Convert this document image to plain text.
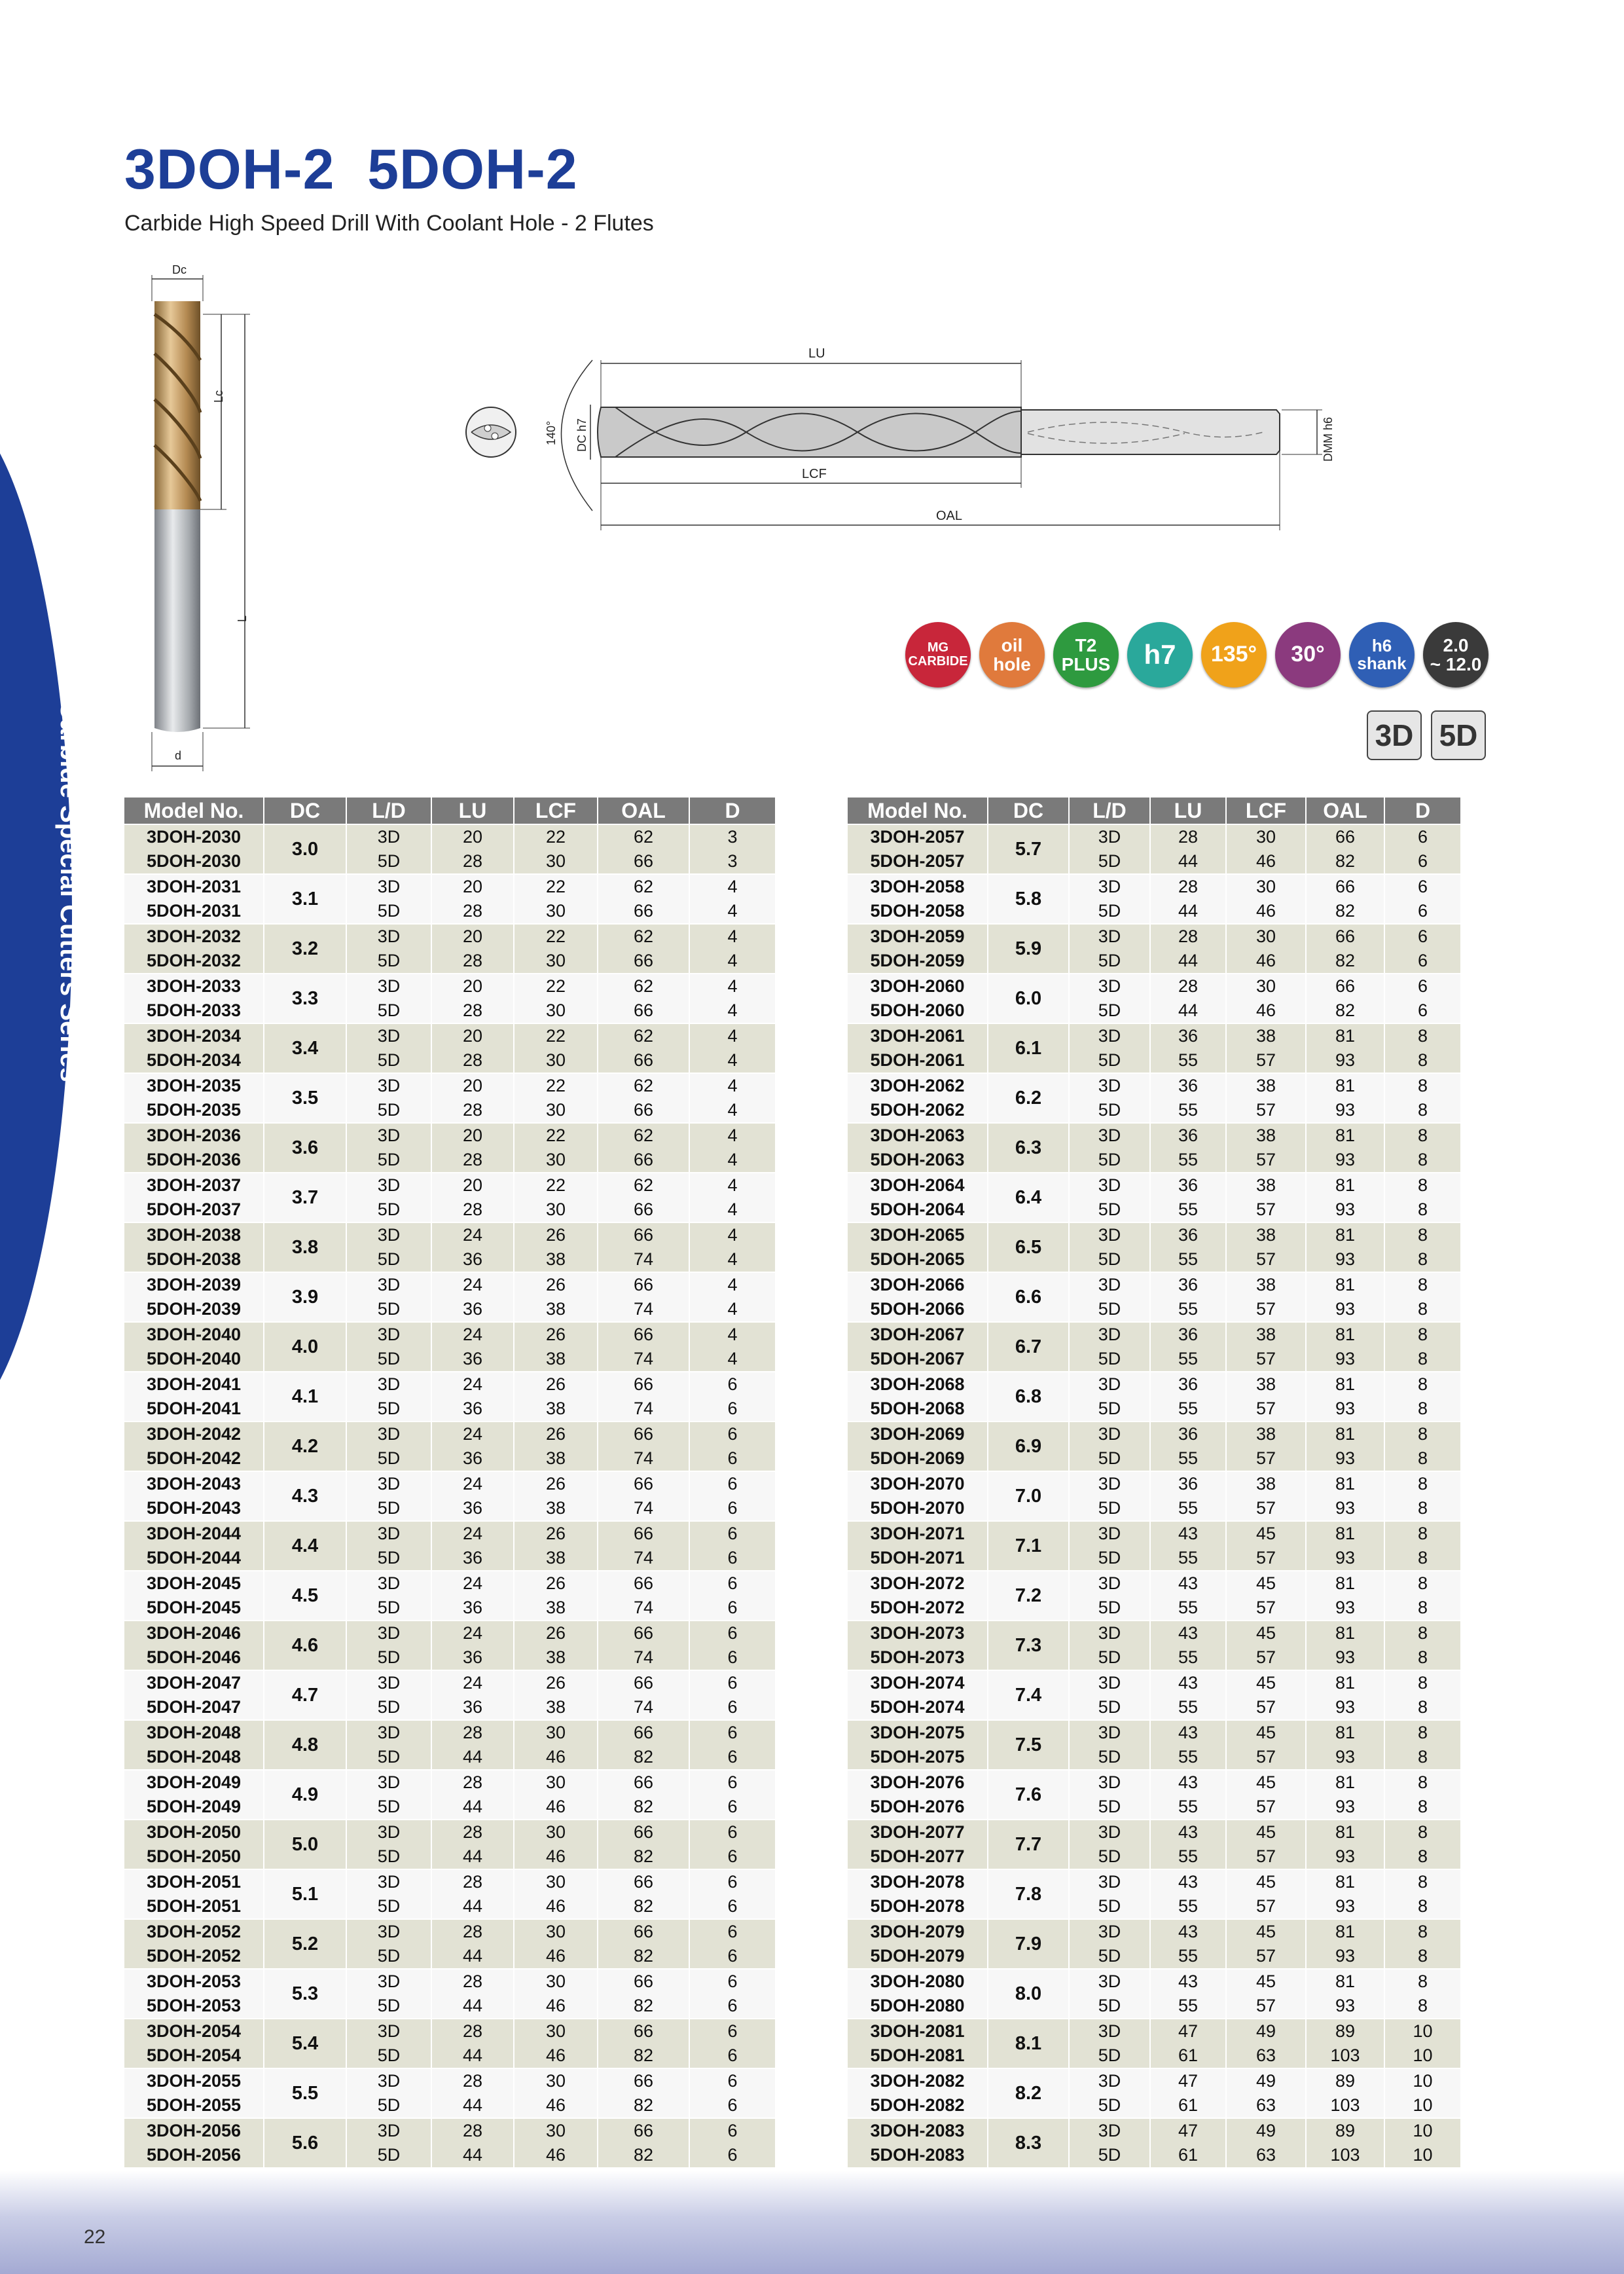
Carbide Special Cutters Series
3DOH-2  5DOH-2
Carbide High Speed Drill With Coolant Hole - 2 Flutes
Dc
d
Lc
L
140° DC h7
LU
LCF
OAL
DMM h6
MG
CARBIDE
oil
hole
T2
PLUS h7 135° 30°	h6
shank
2.0
~ 12.0
3D 5D
Model No.	DC	L/D	LU	LCF	OAL	D
3DOH-2030	3.0	3D	20	22	62	3
5DOH-2030		5D	28	30	66	3
3DOH-2031	3.1	3D	20	22	62	4
5DOH-2031		5D	28	30	66	4
3DOH-2032	3.2	3D	20	22	62	4
5DOH-2032		5D	28	30	66	4
3DOH-2033	3.3	3D	20	22	62	4
5DOH-2033		5D	28	30	66	4
3DOH-2034	3.4	3D	20	22	62	4
5DOH-2034		5D	28	30	66	4
3DOH-2035	3.5	3D	20	22	62	4
5DOH-2035		5D	28	30	66	4
3DOH-2036	3.6	3D	20	22	62	4
5DOH-2036		5D	28	30	66	4
3DOH-2037	3.7	3D	20	22	62	4
5DOH-2037		5D	28	30	66	4
3DOH-2038	3.8	3D	24	26	66	4
5DOH-2038		5D	36	38	74	4
3DOH-2039	3.9	3D	24	26	66	4
5DOH-2039		5D	36	38	74	4
3DOH-2040	4.0	3D	24	26	66	4
5DOH-2040		5D	36	38	74	4
3DOH-2041	4.1	3D	24	26	66	6
5DOH-2041		5D	36	38	74	6
3DOH-2042	4.2	3D	24	26	66	6
5DOH-2042		5D	36	38	74	6
3DOH-2043	4.3	3D	24	26	66	6
5DOH-2043		5D	36	38	74	6
3DOH-2044	4.4	3D	24	26	66	6
5DOH-2044		5D	36	38	74	6
3DOH-2045	4.5	3D	24	26	66	6
5DOH-2045		5D	36	38	74	6
3DOH-2046	4.6	3D	24	26	66	6
5DOH-2046		5D	36	38	74	6
3DOH-2047	4.7	3D	24	26	66	6
5DOH-2047		5D	36	38	74	6
3DOH-2048	4.8	3D	28	30	66	6
5DOH-2048		5D	44	46	82	6
3DOH-2049	4.9	3D	28	30	66	6
5DOH-2049		5D	44	46	82	6
3DOH-2050	5.0	3D	28	30	66	6
5DOH-2050		5D	44	46	82	6
3DOH-2051	5.1	3D	28	30	66	6
5DOH-2051		5D	44	46	82	6
3DOH-2052	5.2	3D	28	30	66	6
5DOH-2052		5D	44	46	82	6
3DOH-2053	5.3	3D	28	30	66	6
5DOH-2053		5D	44	46	82	6
3DOH-2054	5.4	3D	28	30	66	6
5DOH-2054		5D	44	46	82	6
3DOH-2055	5.5	3D	28	30	66	6
5DOH-2055		5D	44	46	82	6
3DOH-2056	5.6	3D	28	30	66	6
5DOH-2056		5D	44	46	82	6
Model No.	DC	L/D	LU	LCF	OAL	D
3DOH-2057	5.7	3D	28	30	66	6
5DOH-2057		5D	44	46	82	6
3DOH-2058	5.8	3D	28	30	66	6
5DOH-2058		5D	44	46	82	6
3DOH-2059	5.9	3D	28	30	66	6
5DOH-2059		5D	44	46	82	6
3DOH-2060	6.0	3D	28	30	66	6
5DOH-2060		5D	44	46	82	6
3DOH-2061	6.1	3D	36	38	81	8
5DOH-2061		5D	55	57	93	8
3DOH-2062	6.2	3D	36	38	81	8
5DOH-2062		5D	55	57	93	8
3DOH-2063	6.3	3D	36	38	81	8
5DOH-2063		5D	55	57	93	8
3DOH-2064	6.4	3D	36	38	81	8
5DOH-2064		5D	55	57	93	8
3DOH-2065	6.5	3D	36	38	81	8
5DOH-2065		5D	55	57	93	8
3DOH-2066	6.6	3D	36	38	81	8
5DOH-2066		5D	55	57	93	8
3DOH-2067	6.7	3D	36	38	81	8
5DOH-2067		5D	55	57	93	8
3DOH-2068	6.8	3D	36	38	81	8
5DOH-2068		5D	55	57	93	8
3DOH-2069	6.9	3D	36	38	81	8
5DOH-2069		5D	55	57	93	8
3DOH-2070	7.0	3D	36	38	81	8
5DOH-2070		5D	55	57	93	8
3DOH-2071	7.1	3D	43	45	81	8
5DOH-2071		5D	55	57	93	8
3DOH-2072	7.2	3D	43	45	81	8
5DOH-2072		5D	55	57	93	8
3DOH-2073	7.3	3D	43	45	81	8
5DOH-2073		5D	55	57	93	8
3DOH-2074	7.4	3D	43	45	81	8
5DOH-2074		5D	55	57	93	8
3DOH-2075	7.5	3D	43	45	81	8
5DOH-2075		5D	55	57	93	8
3DOH-2076	7.6	3D	43	45	81	8
5DOH-2076		5D	55	57	93	8
3DOH-2077	7.7	3D	43	45	81	8
5DOH-2077		5D	55	57	93	8
3DOH-2078	7.8	3D	43	45	81	8
5DOH-2078		5D	55	57	93	8
3DOH-2079	7.9	3D	43	45	81	8
5DOH-2079		5D	55	57	93	8
3DOH-2080	8.0	3D	43	45	81	8
5DOH-2080		5D	55	57	93	8
3DOH-2081	8.1	3D	47	49	89	10
5DOH-2081		5D	61	63	103	10
3DOH-2082	8.2	3D	47	49	89	10
5DOH-2082		5D	61	63	103	10
3DOH-2083	8.3	3D	47	49	89	10
5DOH-2083		5D	61	63	103	10
22
